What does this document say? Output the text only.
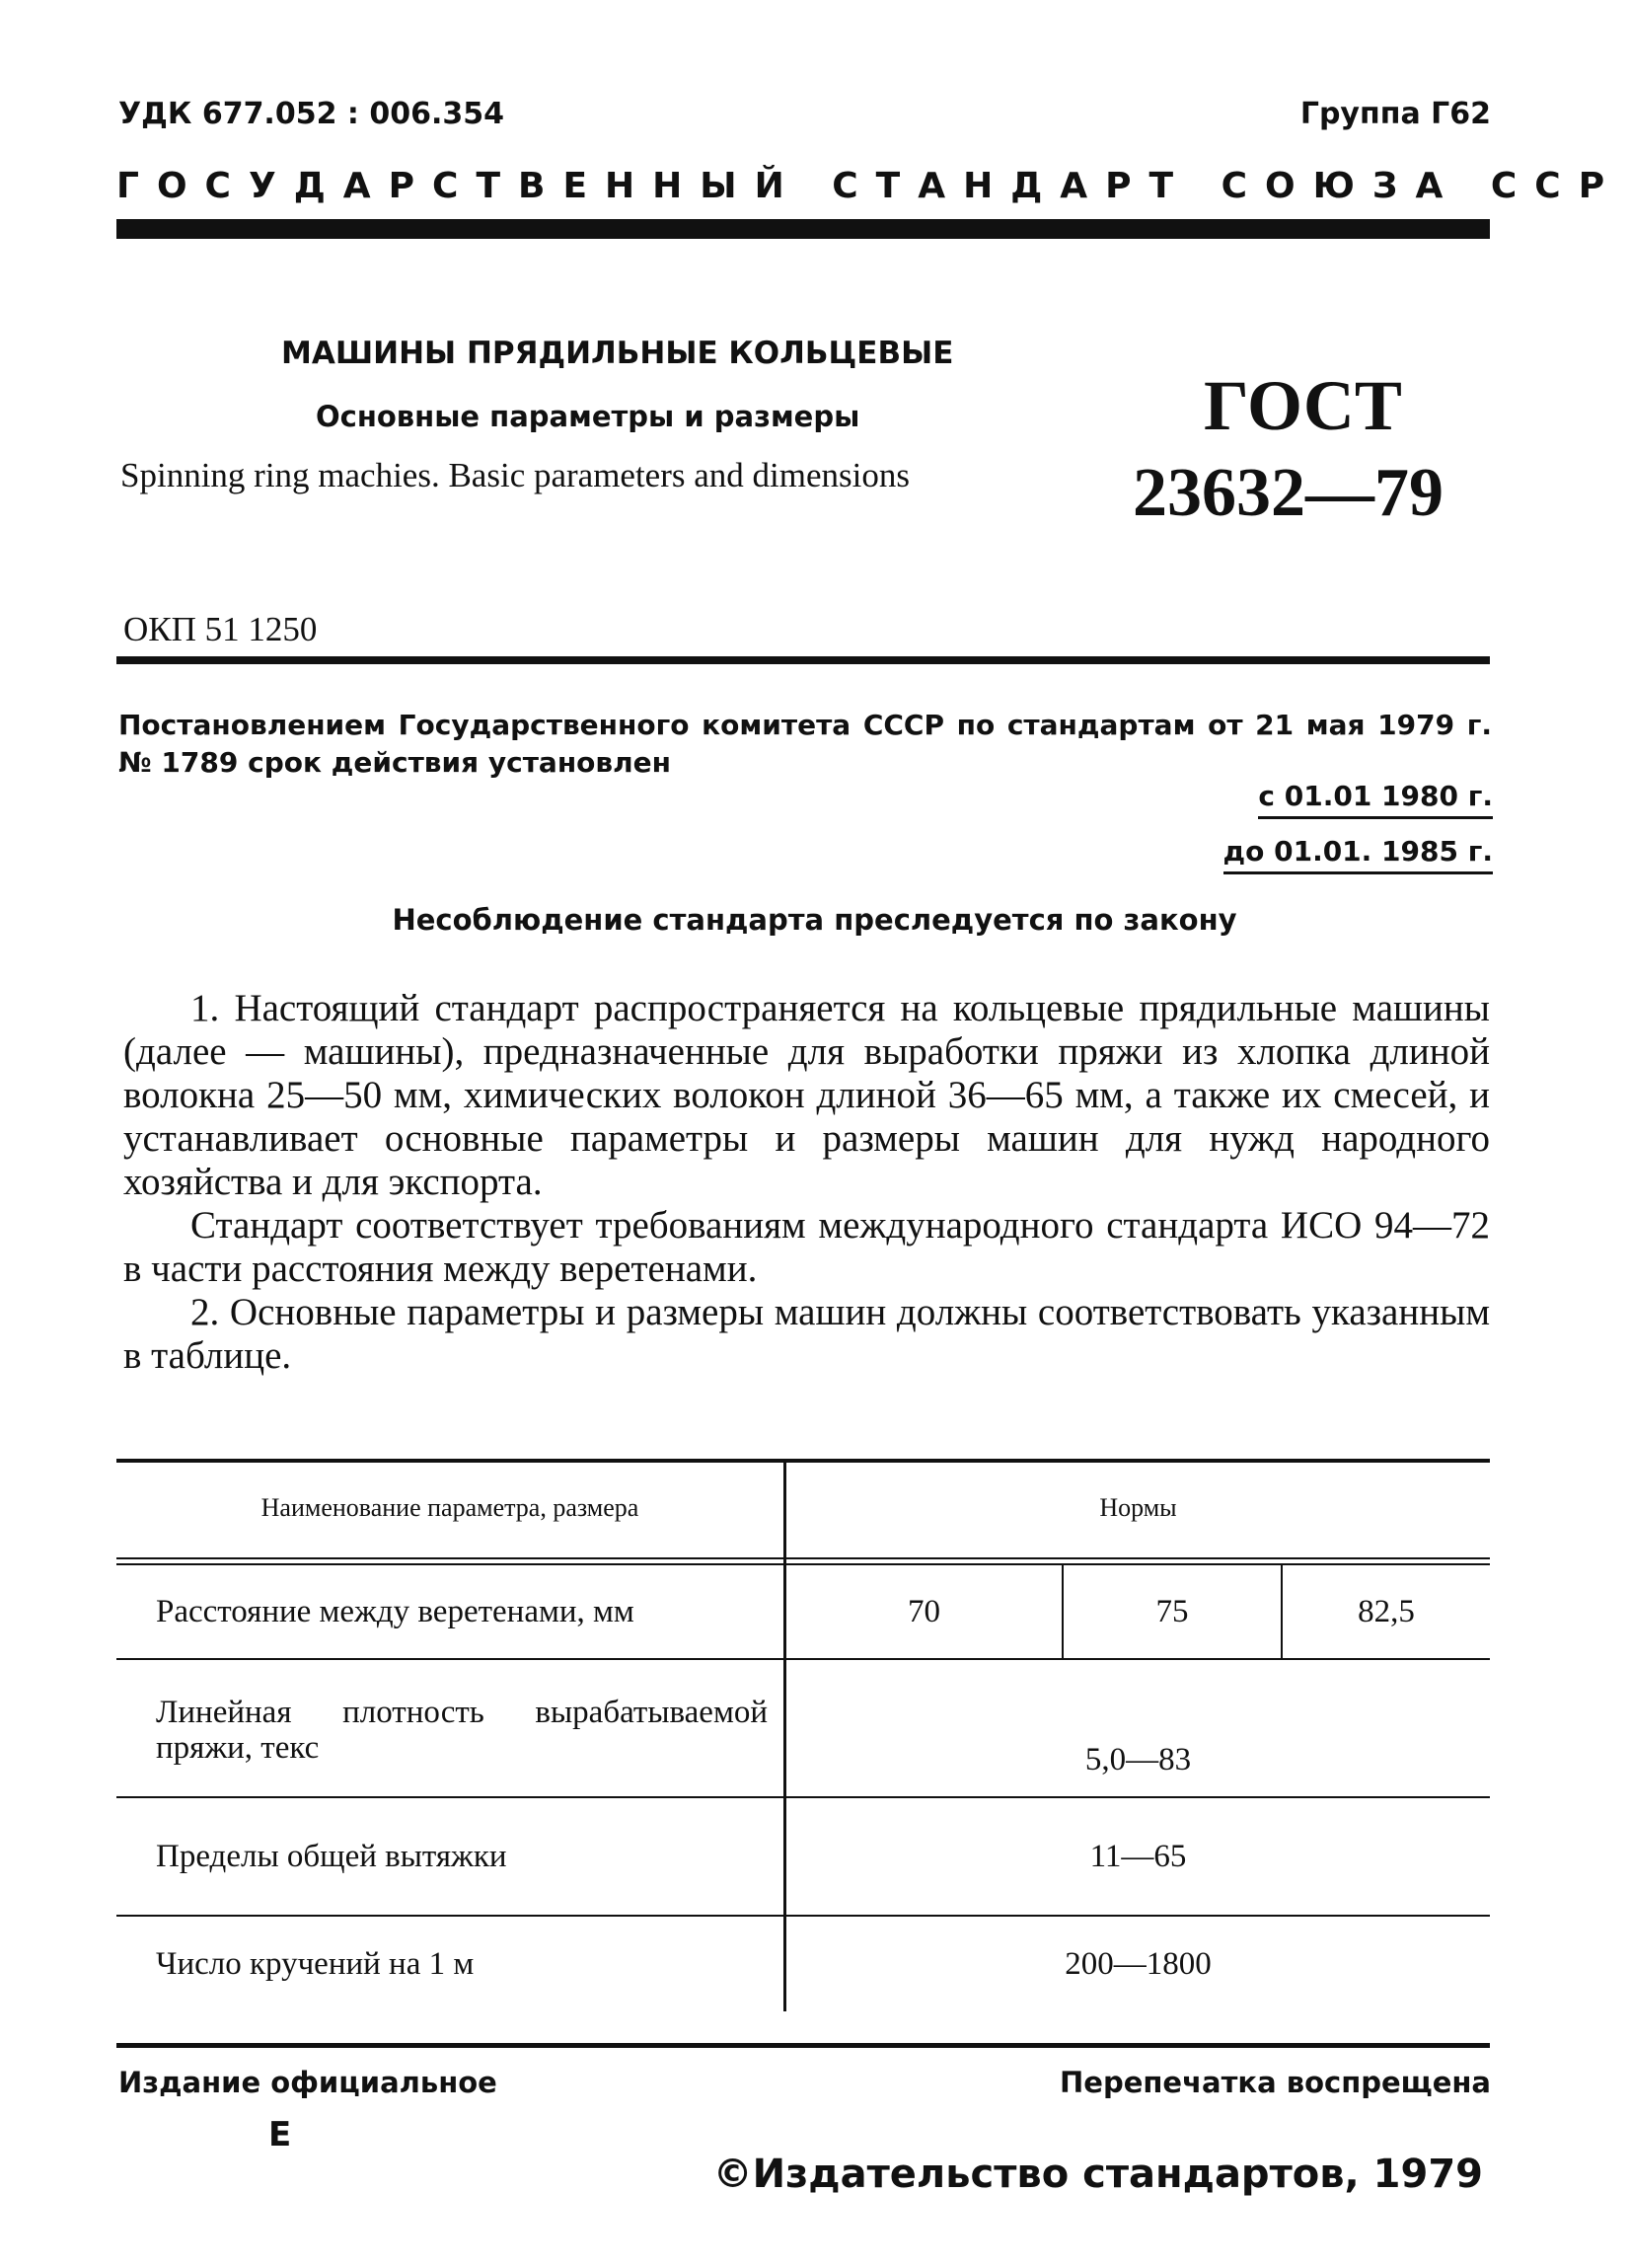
УДК 677.052 : 006.354	Группа Г62
ГОСУДАРСТВЕННЫЙ СТАНДАРТ СОЮЗА ССР
МАШИНЫ ПРЯДИЛЬНЫЕ КОЛЬЦЕВЫЕ
Основные параметры и размеры
Spinning ring machies. Basic parameters and dimensions
ГОСТ
23632—79
ОКП 51 1250
Постановлением Государственного комитета СССР по стандартам от 21 мая 1979 г. № 1789 срок действия установлен
с 01.01 1980 г.
до 01.01. 1985 г.
Несоблюдение стандарта преследуется по закону

1. Настоящий стандарт распространяется на кольцевые прядильные машины (далее — машины), предназначенные для выработки пряжи из хлопка длиной волокна 25—50 мм, химических волокон длиной 36—65 мм, а также их смесей, и устанавливает основные параметры и размеры машин для нужд народного хозяйства и для экспорта.

Стандарт соответствует требованиям международного стандарта ИСО 94—72 в части расстояния между веретенами.

2. Основные параметры и размеры машин должны соответствовать указанным в таблице.

Наименование параметра, размера	Нормы
Расстояние между веретенами, мм	70	75	82,5
Линейная плотность вырабатываемой пряжи, текс	5,0—83
Пределы общей вытяжки	11—65
Число кручений на 1 м	200—1800
Издание официальное	Перепечатка воспрещена
Е
©Издательство стандартов, 1979
